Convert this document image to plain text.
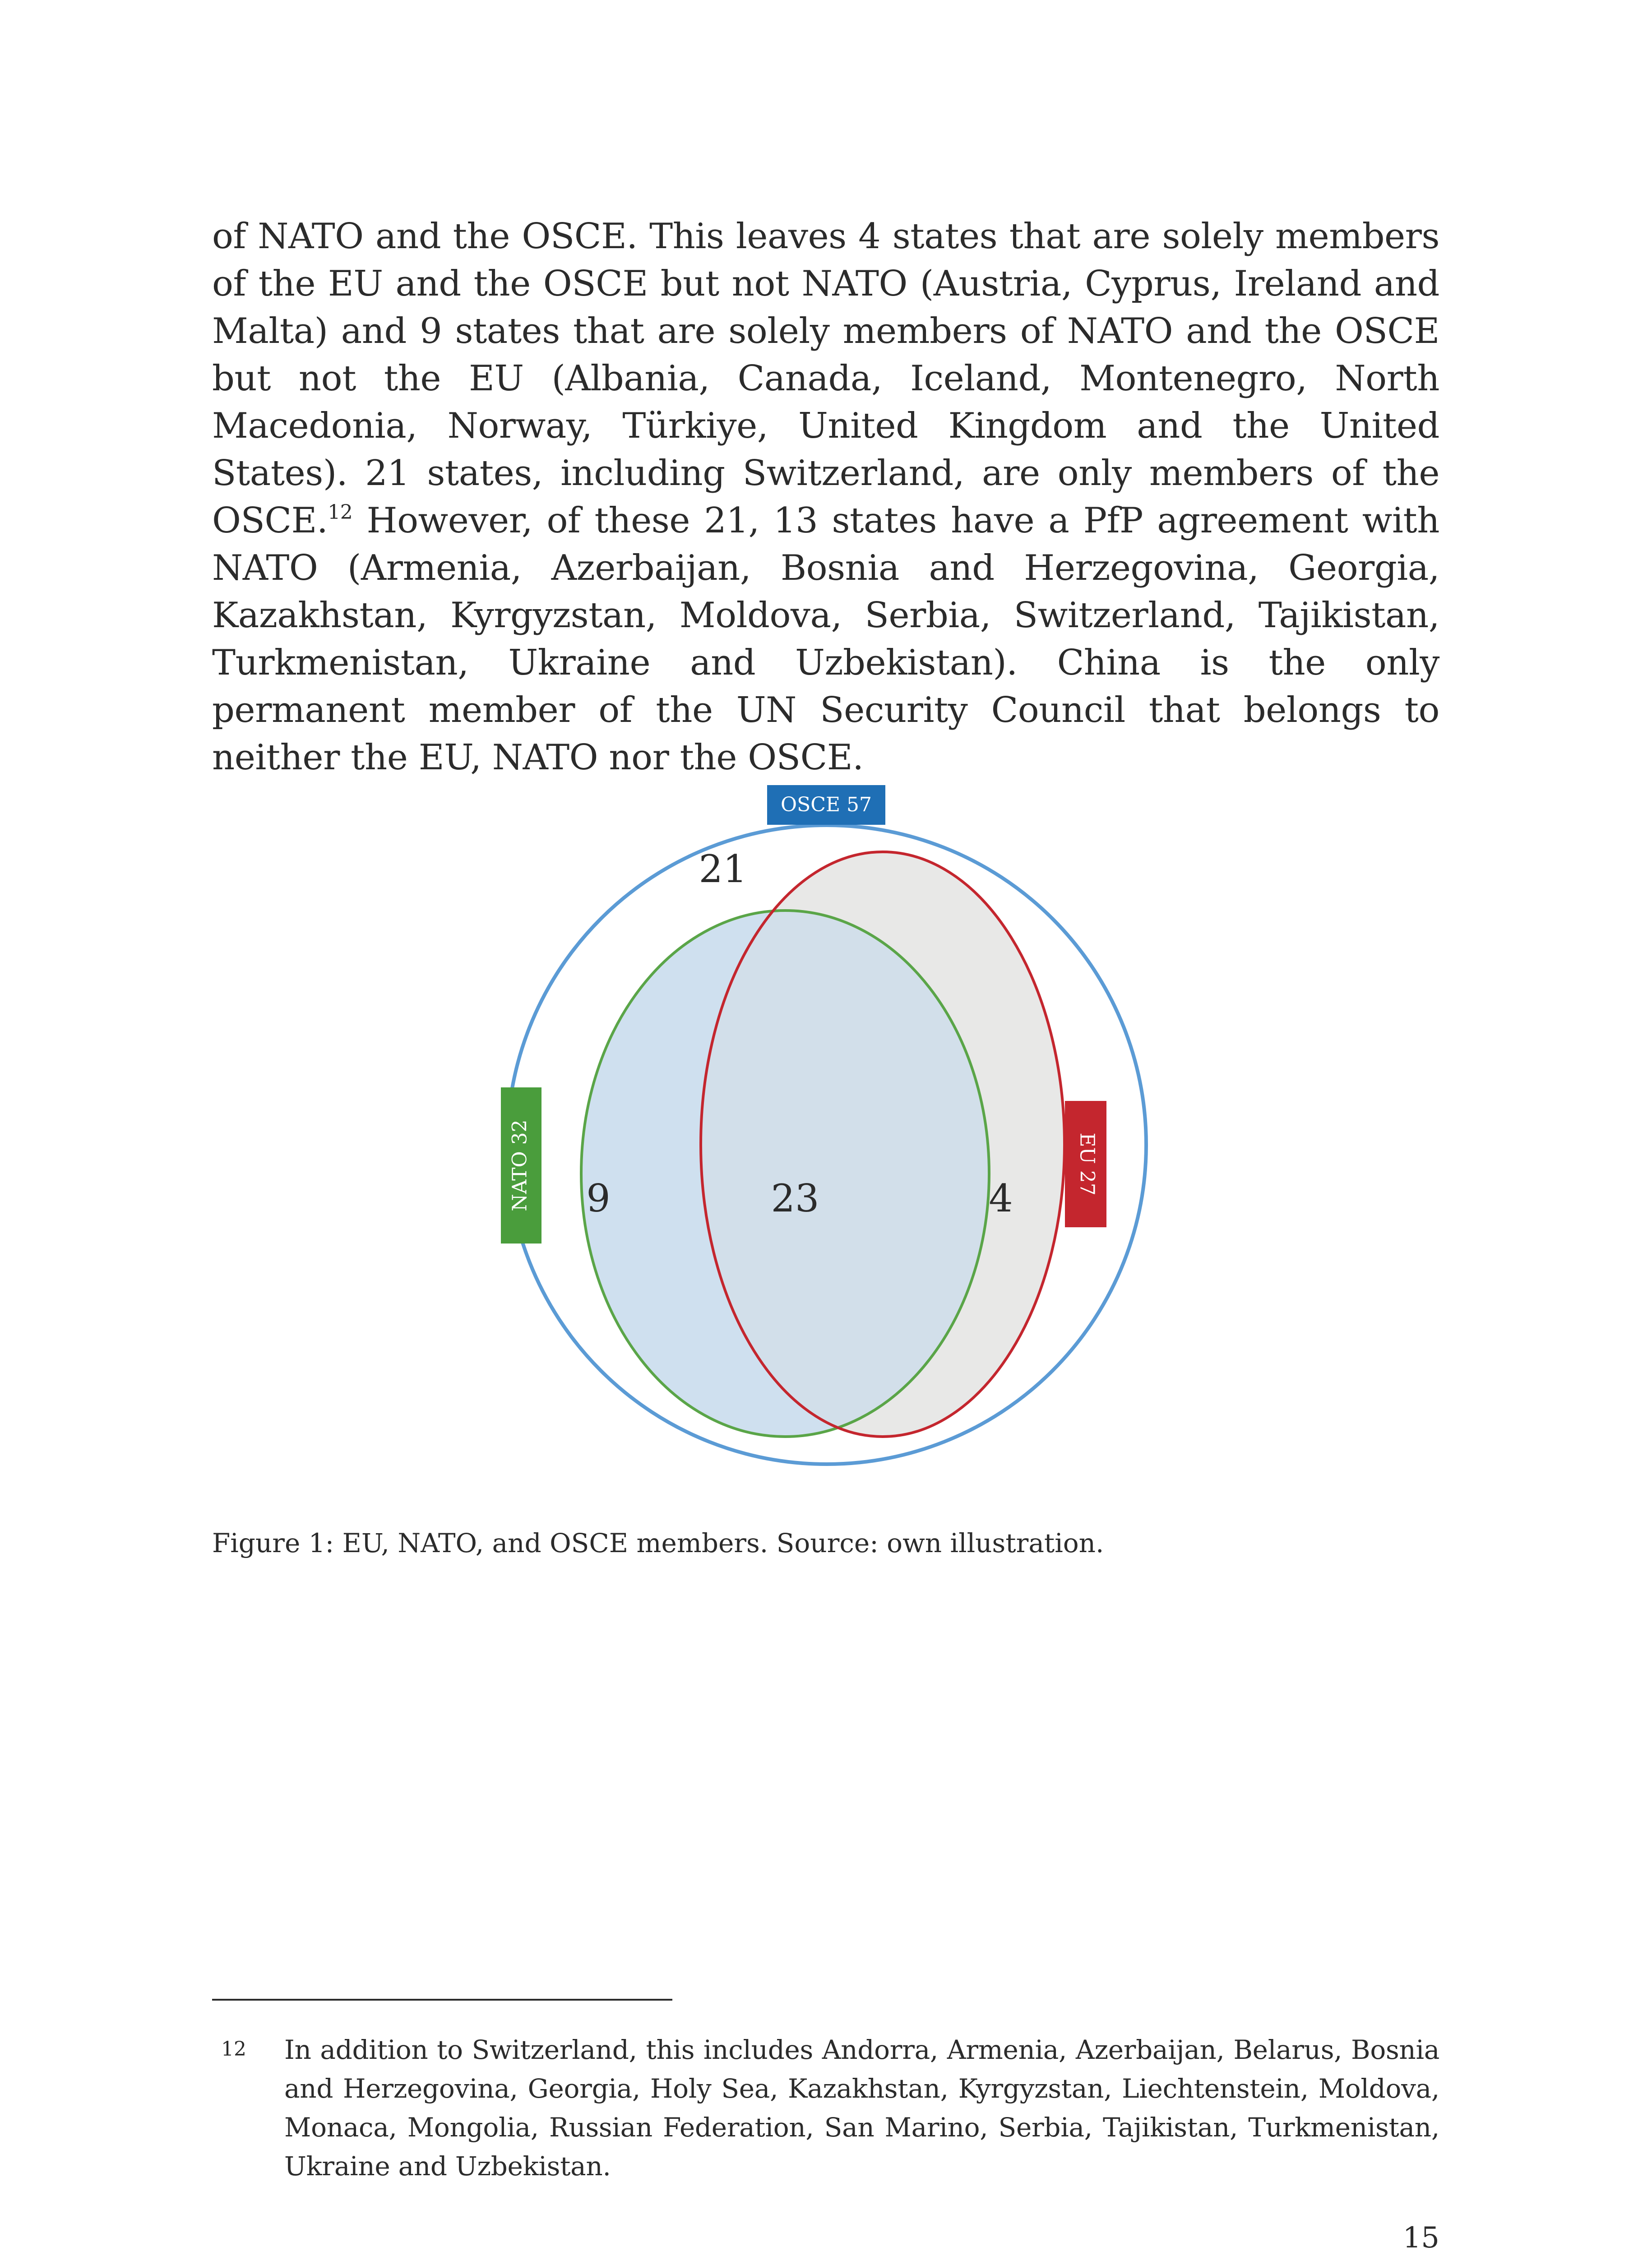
of NATO and the OSCE. This leaves 4 states that are solely members of the EU and the OSCE but not NATO (Austria, Cyprus, Ireland and Malta) and 9 states that are solely members of NATO and the OSCE but not the EU (Albania, Canada, Iceland, Montenegro, North Macedonia, Norway, Türkiye, United Kingdom and the United States). 21 states, including Switzerland, are only members of the OSCE.$^{12}$ However, of these 21, 13 states have a PfP agreement with NATO (Armenia, Azerbaijan, Bosnia and Herzegovina, Georgia, Kazakhstan, Kyrgyzstan, Moldova, Serbia, Switzerland, Tajikistan, Turkmenistan, Ukraine and Uzbekistan). China is the only permanent member of the UN Security Council that belongs to neither the EU, NATO nor the OSCE.

OSCE 57
NATO 32	EU 27
21
9	23	4

Figure 1: EU, NATO, and OSCE members. Source: own illustration.

12 In addition to Switzerland, this includes Andorra, Armenia, Azerbaijan, Belarus, Bosnia and Herzegovina, Georgia, Holy Sea, Kazakhstan, Kyrgyzstan, Liechtenstein, Moldova, Monaca, Mongolia, Russian Federation, San Marino, Serbia, Tajikistan, Turkmenistan, Ukraine and Uzbekistan.

15
